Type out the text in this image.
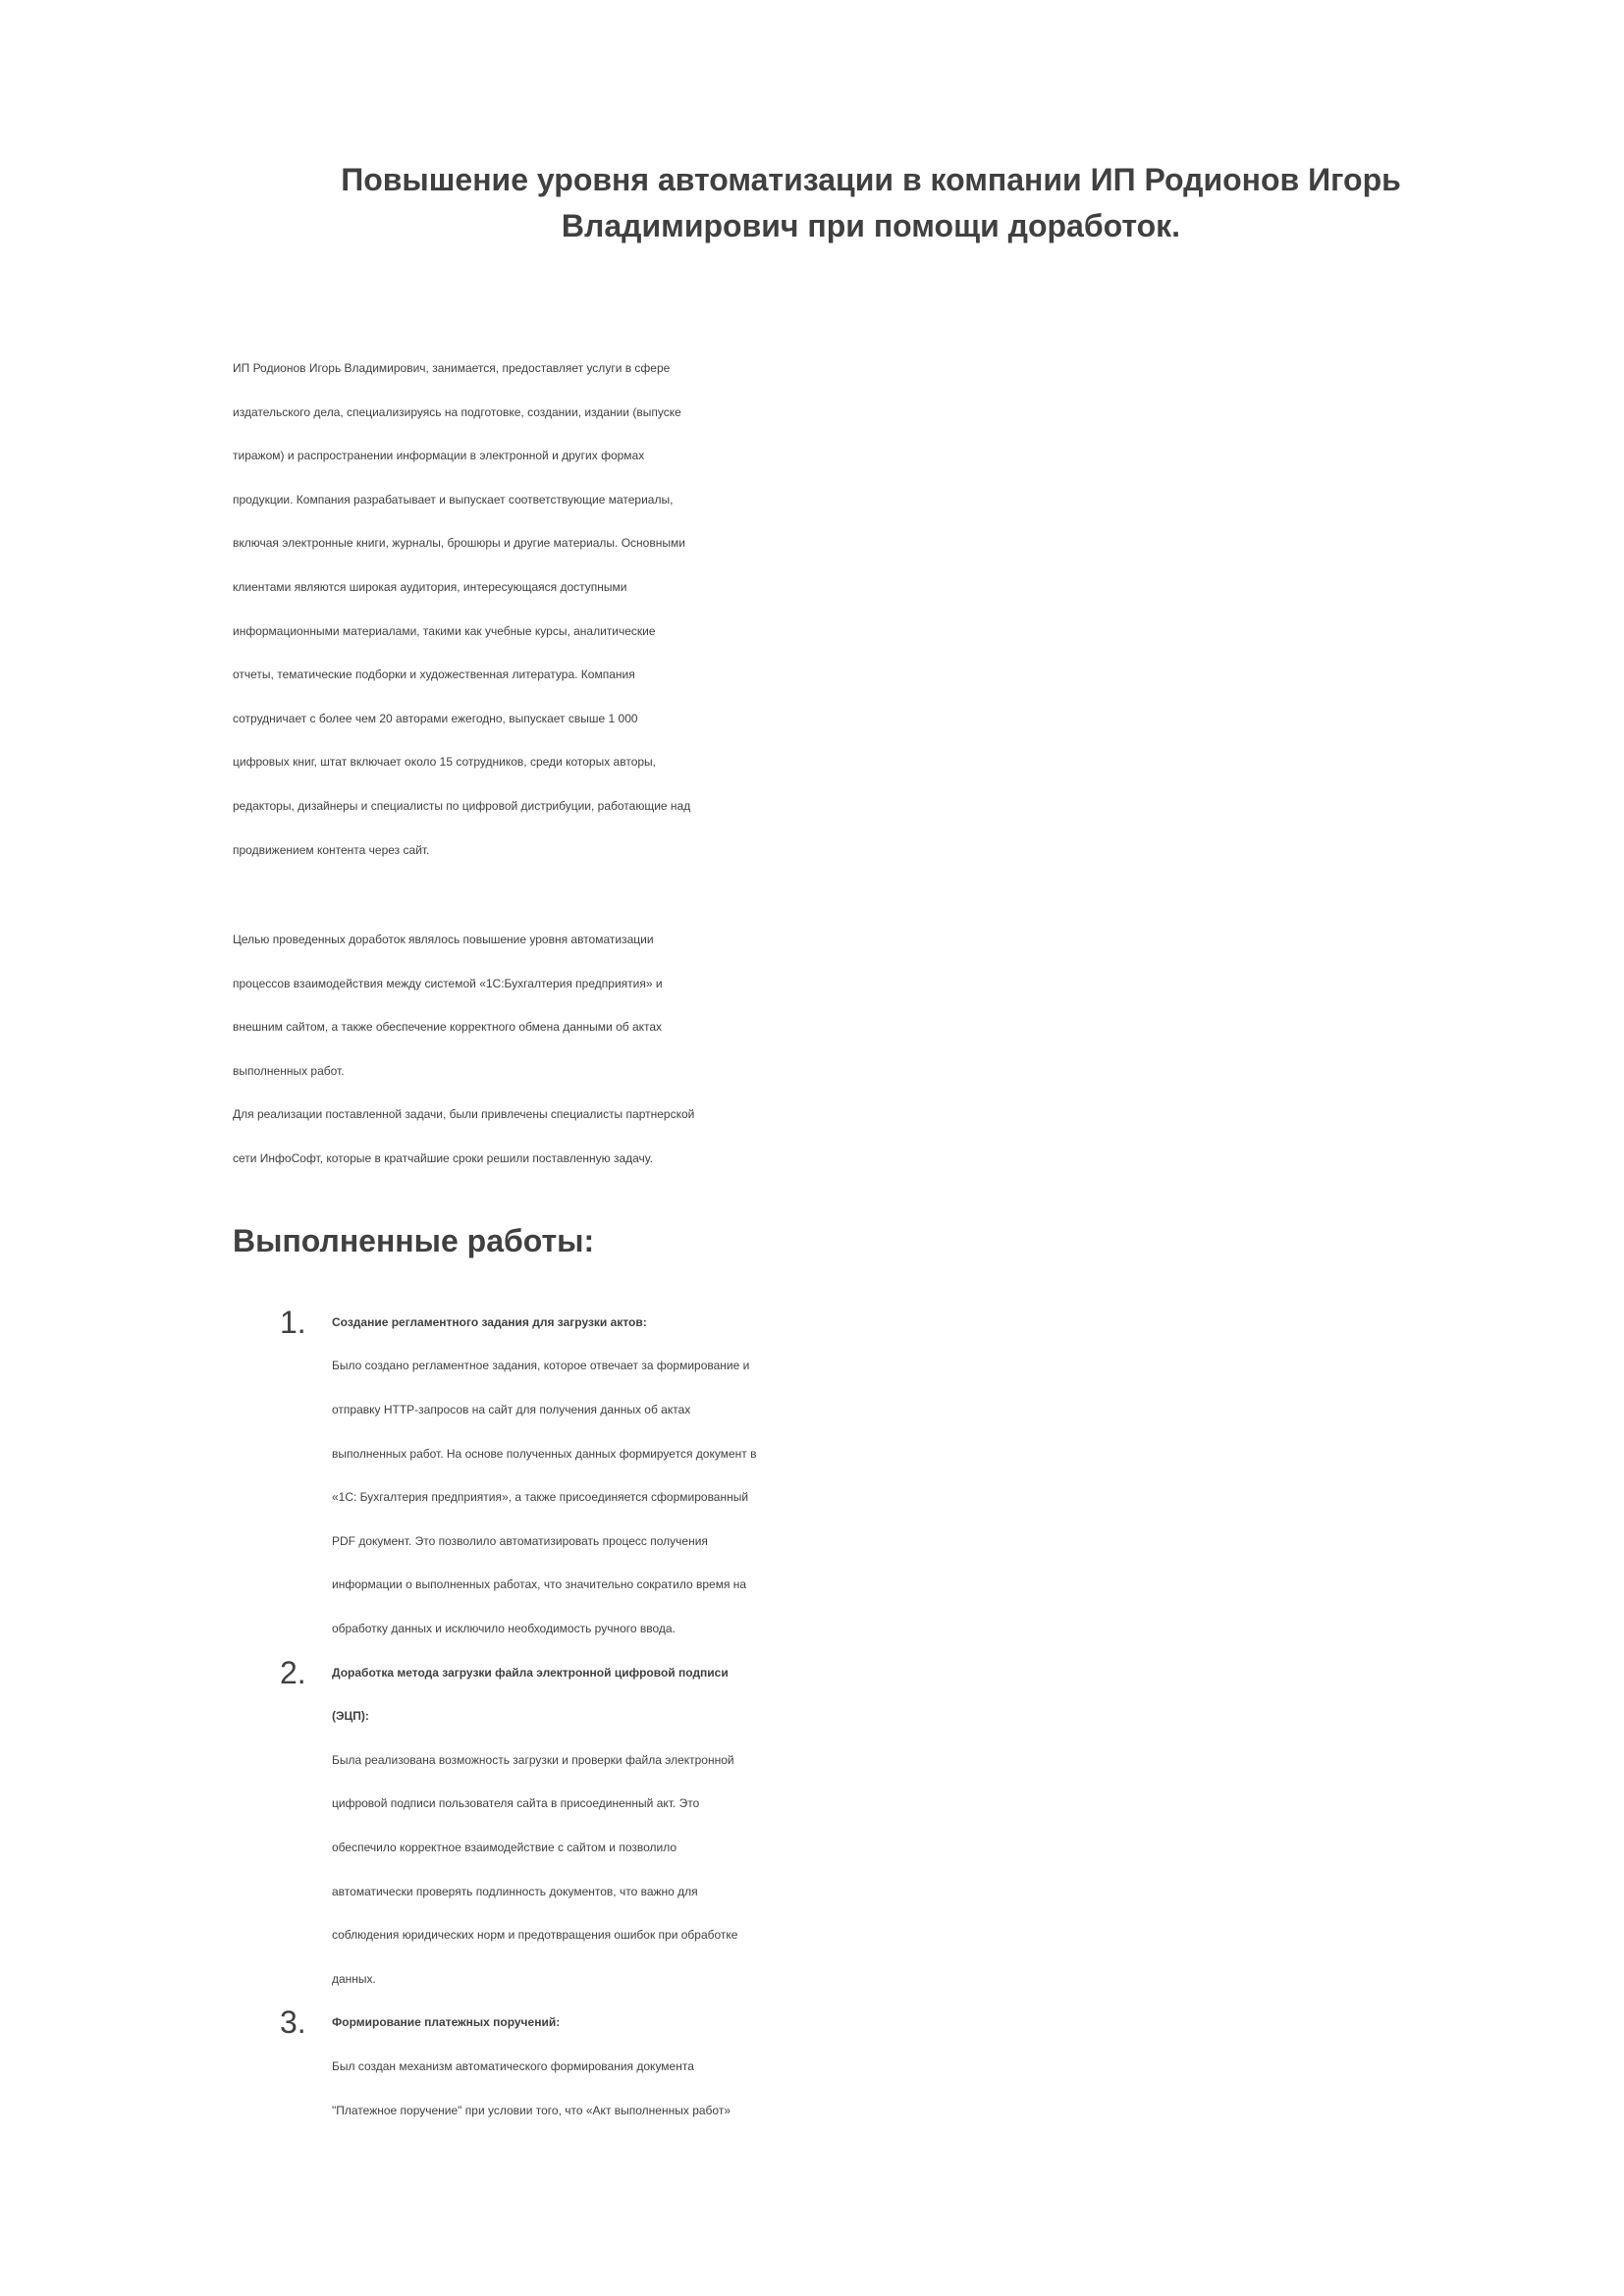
Повышение уровня автоматизации в компании ИП Родионов Игорь
Владимирович при помощи доработок.
ИП Родионов Игорь Владимирович, занимается, предоставляет услуги в сфере
издательского дела, специализируясь на подготовке, создании, издании (выпуске
тиражом) и распространении информации в электронной и других формах
продукции. Компания разрабатывает и выпускает соответствующие материалы,
включая электронные книги, журналы, брошюры и другие материалы. Основными
клиентами являются широкая аудитория, интересующаяся доступными
информационными материалами, такими как учебные курсы, аналитические
отчеты, тематические подборки и художественная литература. Компания
сотрудничает с более чем 20 авторами ежегодно, выпускает свыше 1 000
цифровых книг, штат включает около 15 сотрудников, среди которых авторы,
редакторы, дизайнеры и специалисты по цифровой дистрибуции, работающие над
продвижением контента через сайт.
Целью проведенных доработок являлось повышение уровня автоматизации
процессов взаимодействия между системой «1С:Бухгалтерия предприятия» и
внешним сайтом, а также обеспечение корректного обмена данными об актах
выполненных работ.
Для реализации поставленной задачи, были привлечены специалисты партнерской
сети ИнфоСофт, которые в кратчайшие сроки решили поставленную задачу.
Выполненные работы:
1. Создание регламентного задания для загрузки актов:
Было создано регламентное задания, которое отвечает за формирование и
отправку HTTP-запросов на сайт для получения данных об актах
выполненных работ. На основе полученных данных формируется документ в
«1С: Бухгалтерия предприятия», а также присоединяется сформированный
PDF документ. Это позволило автоматизировать процесс получения
информации о выполненных работах, что значительно сократило время на
обработку данных и исключило необходимость ручного ввода.
2. Доработка метода загрузки файла электронной цифровой подписи
(ЭЦП):
Была реализована возможность загрузки и проверки файла электронной
цифровой подписи пользователя сайта в присоединенный акт. Это
обеспечило корректное взаимодействие с сайтом и позволило
автоматически проверять подлинность документов, что важно для
соблюдения юридических норм и предотвращения ошибок при обработке
данных.
3. Формирование платежных поручений:
Был создан механизм автоматического формирования документа
"Платежное поручение" при условии того, что «Акт выполненных работ»
